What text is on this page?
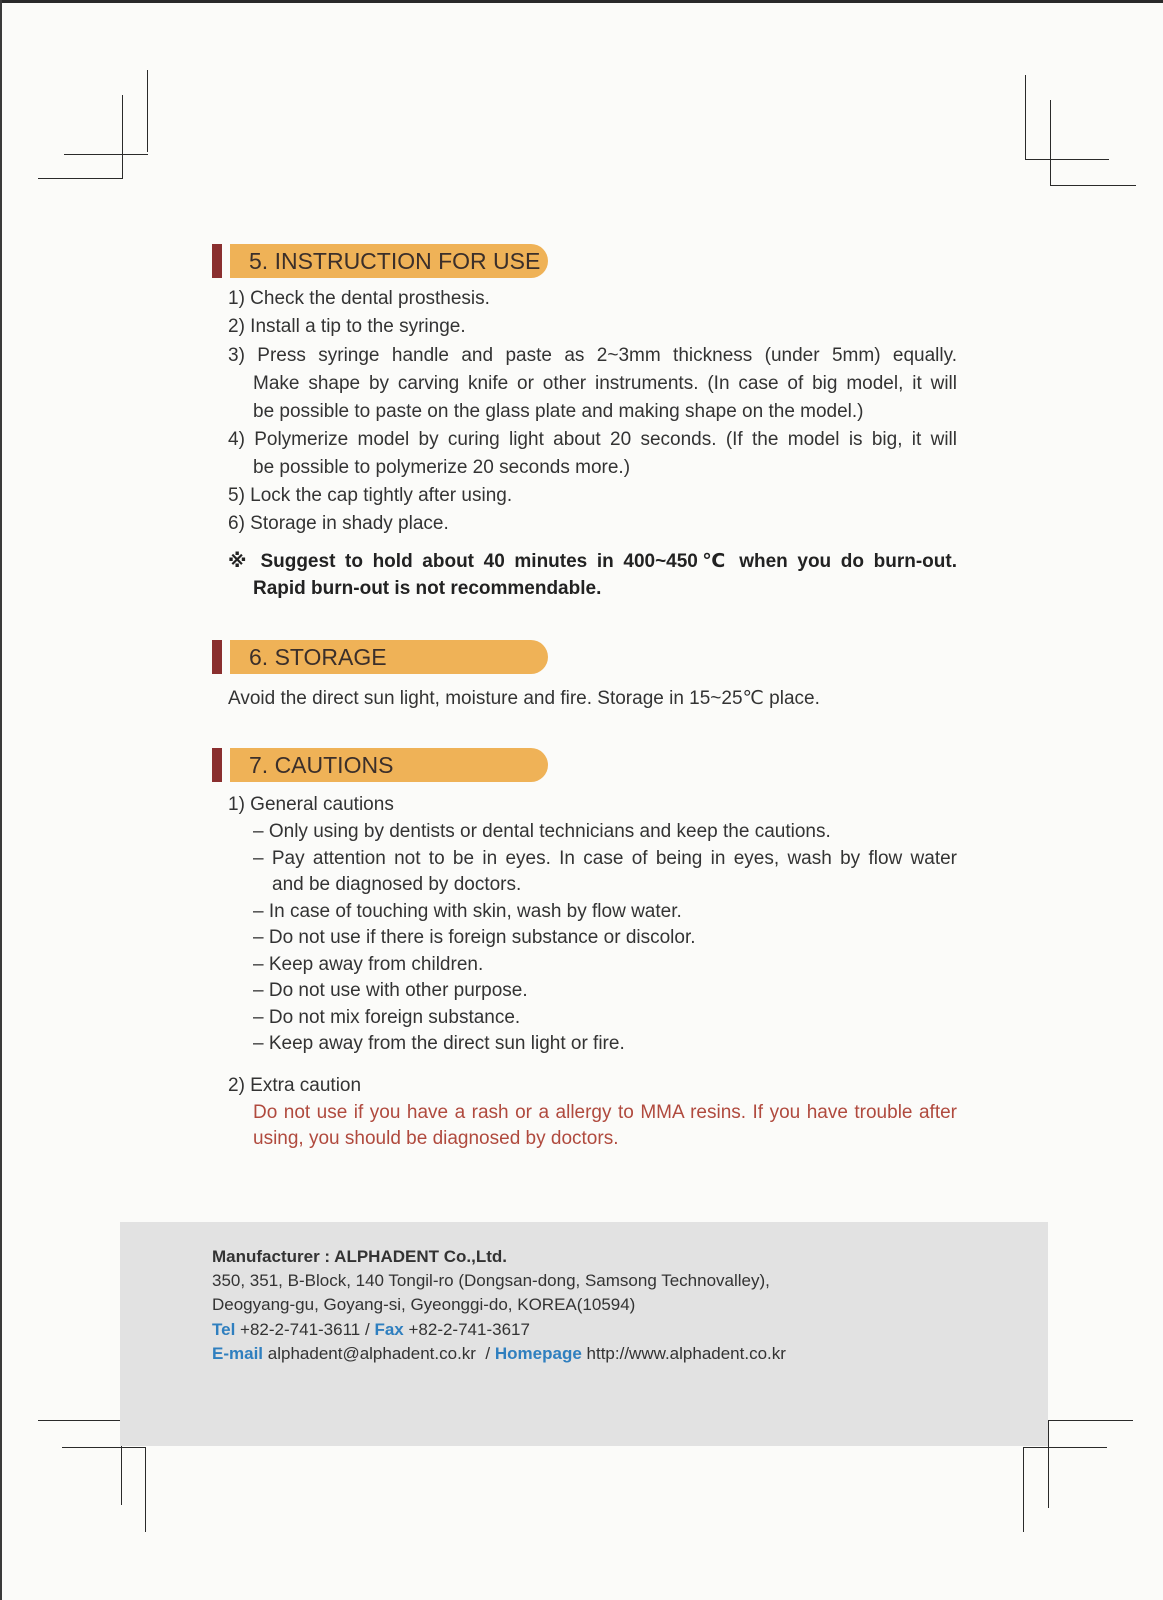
5. INSTRUCTION FOR USE
1) Check the dental prosthesis.
2) Install a tip to the syringe.
3) Press syringe handle and paste as 2~3mm thickness (under 5mm) equally.
Make shape by carving knife or other instruments. (In case of big model, it will
be possible to paste on the glass plate and making shape on the model.)
4) Polymerize model by curing light about 20 seconds. (If the model is big, it will
be possible to polymerize 20 seconds more.)
5) Lock the cap tightly after using.
6) Storage in shady place.
※ Suggest to hold about 40 minutes in 400~450℃ when you do burn-out.
Rapid burn-out is not recommendable.
6. STORAGE
Avoid the direct sun light, moisture and fire. Storage in 15~25℃ place.
7. CAUTIONS
1) General cautions
– Only using by dentists or dental technicians and keep the cautions.
– Pay attention not to be in eyes. In case of being in eyes, wash by flow water
and be diagnosed by doctors.
– In case of touching with skin, wash by flow water.
– Do not use if there is foreign substance or discolor.
– Keep away from children.
– Do not use with other purpose.
– Do not mix foreign substance.
– Keep away from the direct sun light or fire.
2) Extra caution
Do not use if you have a rash or a allergy to MMA resins. If you have trouble after
using, you should be diagnosed by doctors.
Manufacturer : ALPHADENT Co.,Ltd.
350, 351, B-Block, 140 Tongil-ro (Dongsan-dong, Samsong Technovalley),
Deogyang-gu, Goyang-si, Gyeonggi-do, KOREA(10594)
Tel +82-2-741-3611 / Fax +82-2-741-3617
E-mail alphadent@alphadent.co.kr / Homepage http://www.alphadent.co.kr
